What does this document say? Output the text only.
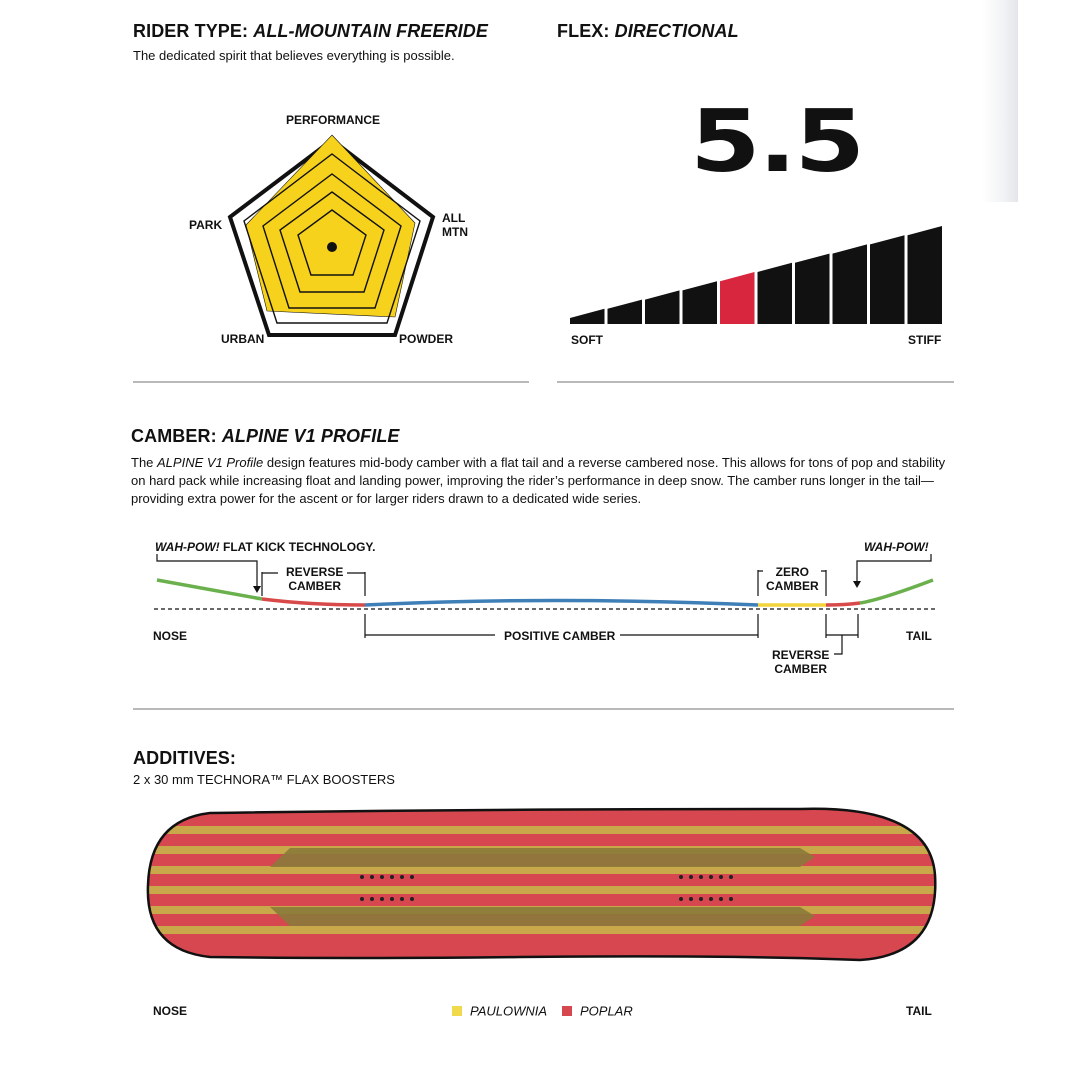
RIDER TYPE: ALL-MOUNTAIN FREERIDE
The dedicated spirit that believes everything is possible.
PERFORMANCE
ALL
MTN
POWDER
URBAN
PARK
FLEX: DIRECTIONAL
5.5
SOFT	STIFF
CAMBER: ALPINE V1 PROFILE
The ALPINE V1 Profile design features mid-body camber with a flat tail and a reverse cambered nose. This allows for tons of pop and stability on hard pack while increasing float and landing power, improving the rider’s performance in deep snow. The camber runs longer in the tail—providing extra power for the ascent or for larger riders drawn to a dedicated wide series.
WAH-POW! FLAT KICK TECHNOLOGY.
REVERSE
CAMBER
ZERO
CAMBER
WAH-POW!
NOSE	TAIL
POSITIVE CAMBER
REVERSE
CAMBER
ADDITIVES:
2 x 30 mm TECHNORA™ FLAX BOOSTERS
NOSE	TAIL
PAULOWNIA	POPLAR
